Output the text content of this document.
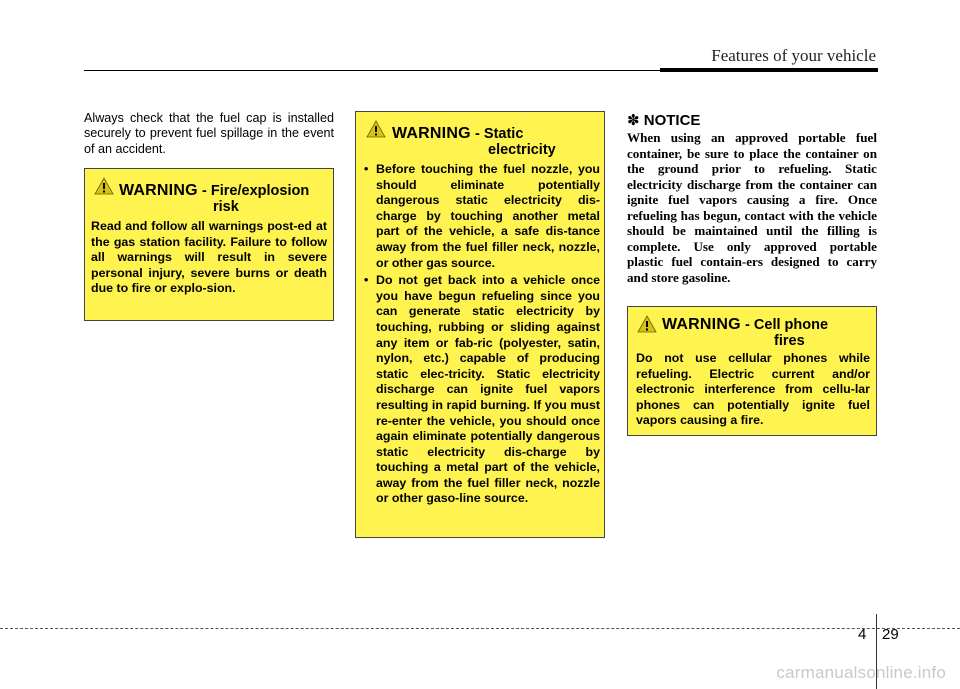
Features of your vehicle
Always check that the fuel cap is installed securely to prevent fuel spillage in the event of an accident.
WARNING - Fire/explosion
risk
Read and follow all warnings post-ed at the gas station facility. Failure to follow all warnings will result in severe personal injury, severe burns or death due to fire or explo-sion.
WARNING - Static
electricity
• Before touching the fuel nozzle, you should eliminate potentially dangerous static electricity dis-charge by touching another metal part of the vehicle, a safe dis-tance away from the fuel filler neck, nozzle, or other gas source.
• Do not get back into a vehicle once you have begun refueling since you can generate static electricity by touching, rubbing or sliding against any item or fab-ric (polyester, satin, nylon, etc.) capable of producing static elec-tricity. Static electricity discharge can ignite fuel vapors resulting in rapid burning. If you must re-enter the vehicle, you should once again eliminate potentially dangerous static electricity dis-charge by touching a metal part of the vehicle, away from the fuel filler neck, nozzle or other gaso-line source.
✽ NOTICE
When using an approved portable fuel container, be sure to place the container on the ground prior to refueling. Static electricity discharge from the container can ignite fuel vapors causing a fire. Once refueling has begun, contact with the vehicle should be maintained until the filling is complete. Use only approved portable plastic fuel contain-ers designed to carry and store gasoline.
WARNING - Cell phone
fires
Do not use cellular phones while refueling. Electric current and/or electronic interference from cellu-lar phones can potentially ignite fuel vapors causing a fire.
4 29
carmanualsonline.info
